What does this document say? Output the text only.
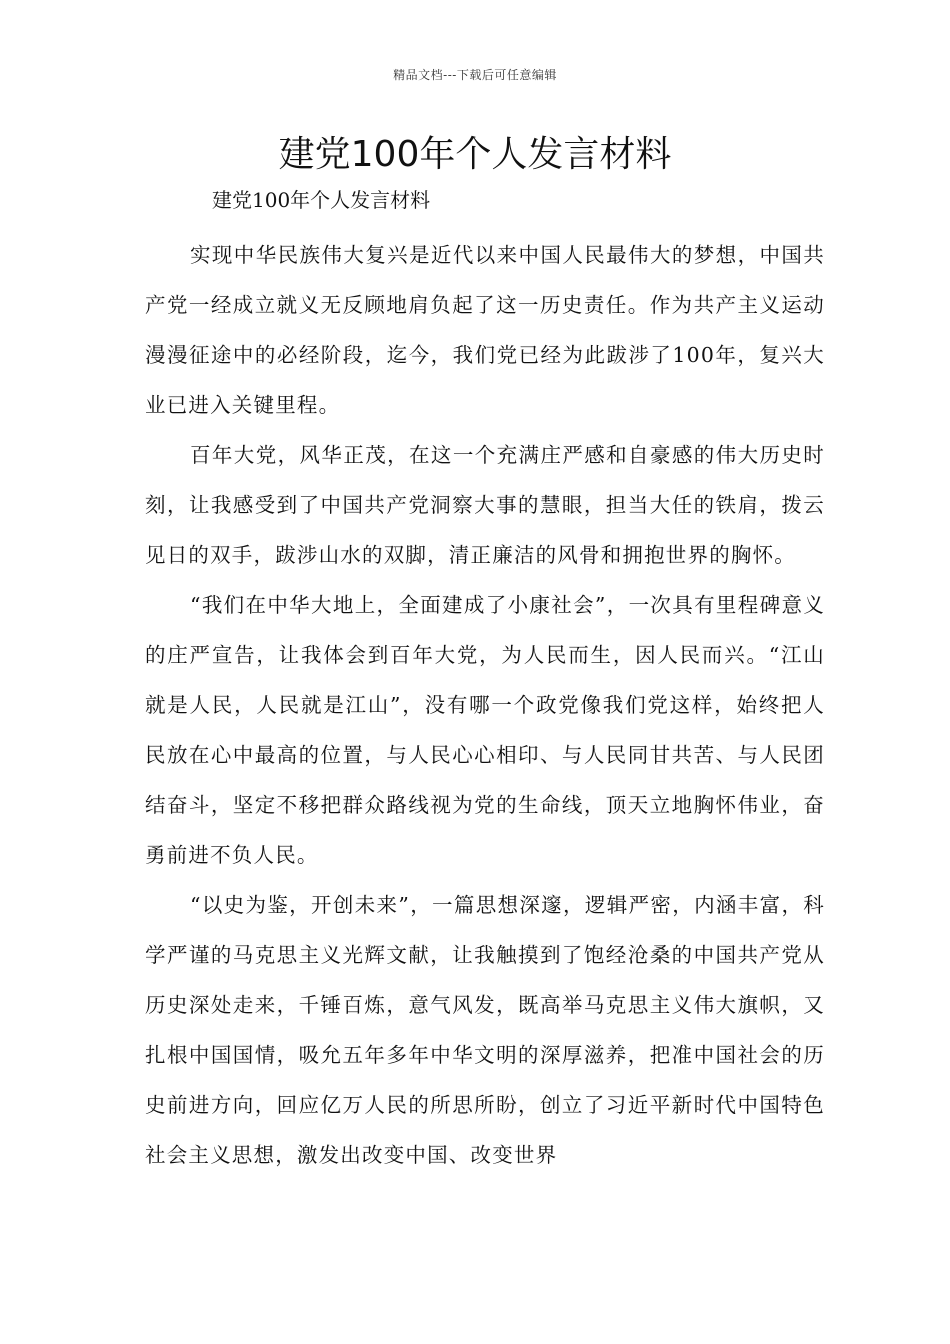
精品文档---下载后可任意编辑
建党100年个人发言材料
建党100年个人发言材料

实现中华民族伟大复兴是近代以来中国人民最伟大的梦想，中国共产党一经成立就义无反顾地肩负起了这一历史责任。作为共产主义运动漫漫征途中的必经阶段，迄今，我们党已经为此跋涉了100年，复兴大业已进入关键里程。

百年大党，风华正茂，在这一个充满庄严感和自豪感的伟大历史时刻，让我感受到了中国共产党洞察大事的慧眼，担当大任的铁肩，拨云见日的双手，跋涉山水的双脚，清正廉洁的风骨和拥抱世界的胸怀。

“我们在中华大地上，全面建成了小康社会”，一次具有里程碑意义的庄严宣告，让我体会到百年大党，为人民而生，因人民而兴。“江山就是人民，人民就是江山”，没有哪一个政党像我们党这样，始终把人民放在心中最高的位置，与人民心心相印、与人民同甘共苦、与人民团结奋斗，坚定不移把群众路线视为党的生命线，顶天立地胸怀伟业，奋勇前进不负人民。

“以史为鉴，开创未来”，一篇思想深邃，逻辑严密，内涵丰富，科学严谨的马克思主义光辉文献，让我触摸到了饱经沧桑的中国共产党从历史深处走来，千锤百炼，意气风发，既高举马克思主义伟大旗帜，又扎根中国国情，吸允五年多年中华文明的深厚滋养，把准中国社会的历史前进方向，回应亿万人民的所思所盼，创立了习近平新时代中国特色社会主义思想，激发出改变中国、改变世界
